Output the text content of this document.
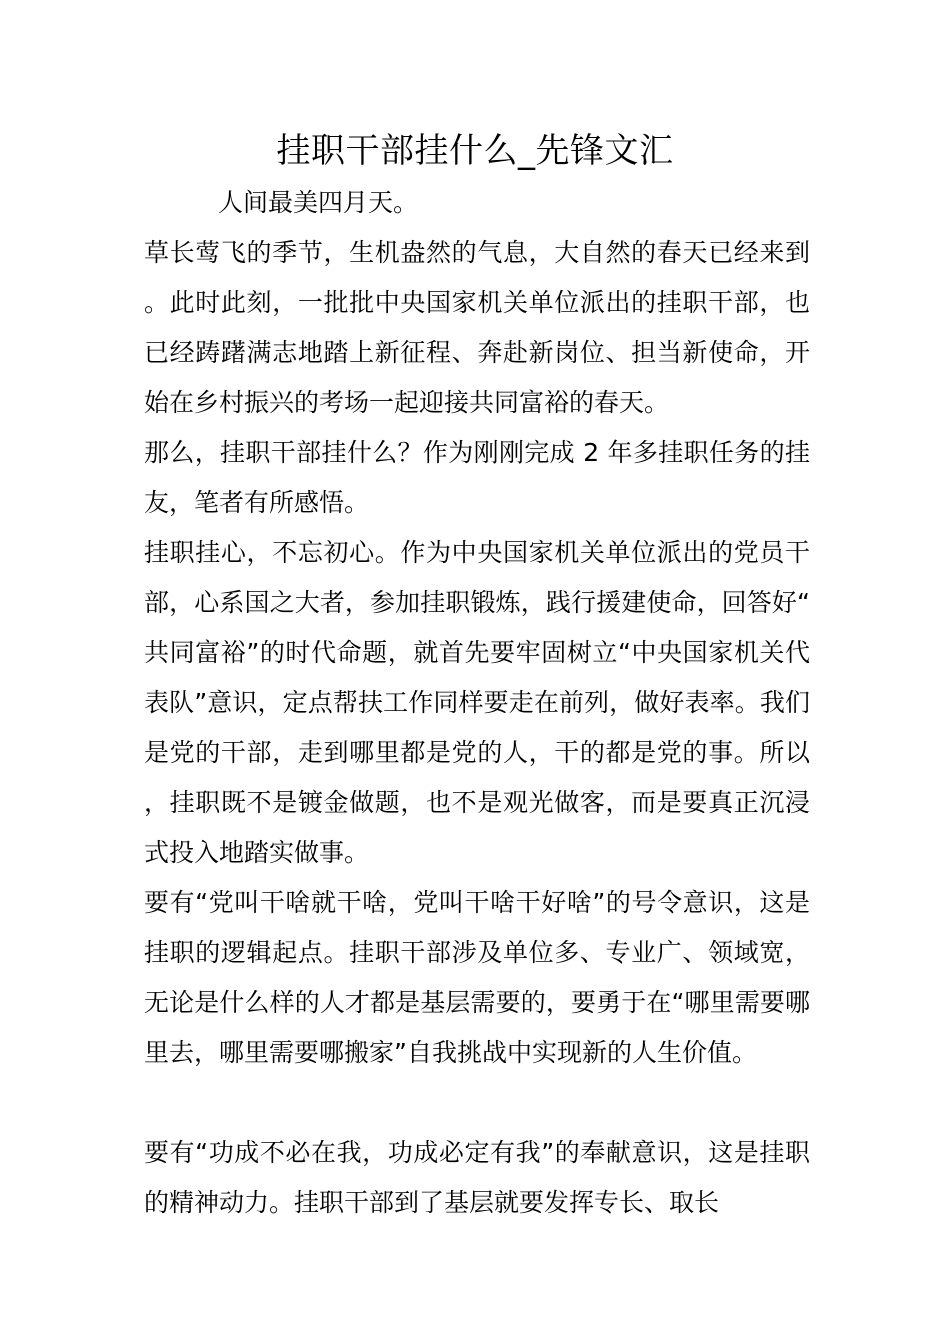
挂职干部挂什么_先锋文汇

人间最美四月天。

草长莺飞的季节，生机盎然的气息，大自然的春天已经来到。此时此刻，一批批中央国家机关单位派出的挂职干部，也已经踌躇满志地踏上新征程、奔赴新岗位、担当新使命，开始在乡村振兴的考场一起迎接共同富裕的春天。

那么，挂职干部挂什么？作为刚刚完成 2 年多挂职任务的挂友，笔者有所感悟。

挂职挂心，不忘初心。作为中央国家机关单位派出的党员干部，心系国之大者，参加挂职锻炼，践行援建使命，回答好“共同富裕”的时代命题，就首先要牢固树立“中央国家机关代表队”意识，定点帮扶工作同样要走在前列，做好表率。我们是党的干部，走到哪里都是党的人，干的都是党的事。所以，挂职既不是镀金做题，也不是观光做客，而是要真正沉浸式投入地踏实做事。

要有“党叫干啥就干啥，党叫干啥干好啥”的号令意识，这是挂职的逻辑起点。挂职干部涉及单位多、专业广、领域宽，无论是什么样的人才都是基层需要的，要勇于在“哪里需要哪里去，哪里需要哪搬家”自我挑战中实现新的人生价值。

要有“功成不必在我，功成必定有我”的奉献意识，这是挂职的精神动力。挂职干部到了基层就要发挥专长、取长
